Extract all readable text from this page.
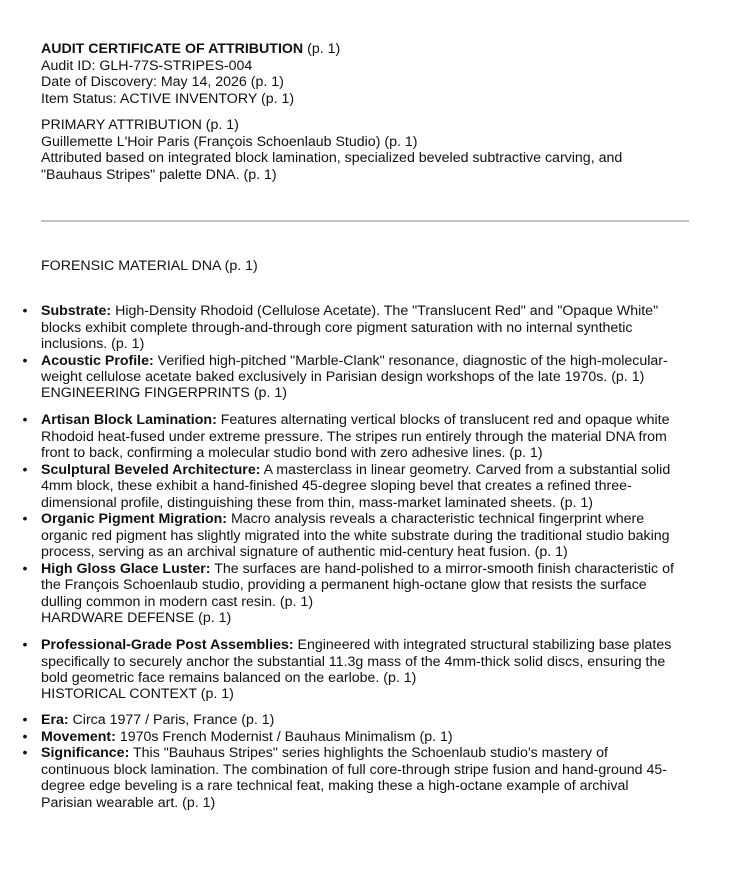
AUDIT CERTIFICATE OF ATTRIBUTION (p. 1)
Audit ID: GLH-77S-STRIPES-004
Date of Discovery: May 14, 2026 (p. 1)
Item Status: ACTIVE INVENTORY (p. 1)
PRIMARY ATTRIBUTION (p. 1)
Guillemette L'Hoir Paris (François Schoenlaub Studio) (p. 1)
Attributed based on integrated block lamination, specialized beveled subtractive carving, and
"Bauhaus Stripes" palette DNA. (p. 1)
FORENSIC MATERIAL DNA (p. 1)
• Substrate: High-Density Rhodoid (Cellulose Acetate). The "Translucent Red" and "Opaque White"
blocks exhibit complete through-and-through core pigment saturation with no internal synthetic
inclusions. (p. 1)
• Acoustic Profile: Verified high-pitched "Marble-Clank" resonance, diagnostic of the high-molecular-
weight cellulose acetate baked exclusively in Parisian design workshops of the late 1970s. (p. 1)
ENGINEERING FINGERPRINTS (p. 1)
• Artisan Block Lamination: Features alternating vertical blocks of translucent red and opaque white
Rhodoid heat-fused under extreme pressure. The stripes run entirely through the material DNA from
front to back, confirming a molecular studio bond with zero adhesive lines. (p. 1)
• Sculptural Beveled Architecture: A masterclass in linear geometry. Carved from a substantial solid
4mm block, these exhibit a hand-finished 45-degree sloping bevel that creates a refined three-
dimensional profile, distinguishing these from thin, mass-market laminated sheets. (p. 1)
• Organic Pigment Migration: Macro analysis reveals a characteristic technical fingerprint where
organic red pigment has slightly migrated into the white substrate during the traditional studio baking
process, serving as an archival signature of authentic mid-century heat fusion. (p. 1)
• High Gloss Glace Luster: The surfaces are hand-polished to a mirror-smooth finish characteristic of
the François Schoenlaub studio, providing a permanent high-octane glow that resists the surface
dulling common in modern cast resin. (p. 1)
HARDWARE DEFENSE (p. 1)
• Professional-Grade Post Assemblies: Engineered with integrated structural stabilizing base plates
specifically to securely anchor the substantial 11.3g mass of the 4mm-thick solid discs, ensuring the
bold geometric face remains balanced on the earlobe. (p. 1)
HISTORICAL CONTEXT (p. 1)
• Era: Circa 1977 / Paris, France (p. 1)
• Movement: 1970s French Modernist / Bauhaus Minimalism (p. 1)
• Significance: This "Bauhaus Stripes" series highlights the Schoenlaub studio's mastery of
continuous block lamination. The combination of full core-through stripe fusion and hand-ground 45-
degree edge beveling is a rare technical feat, making these a high-octane example of archival
Parisian wearable art. (p. 1)
